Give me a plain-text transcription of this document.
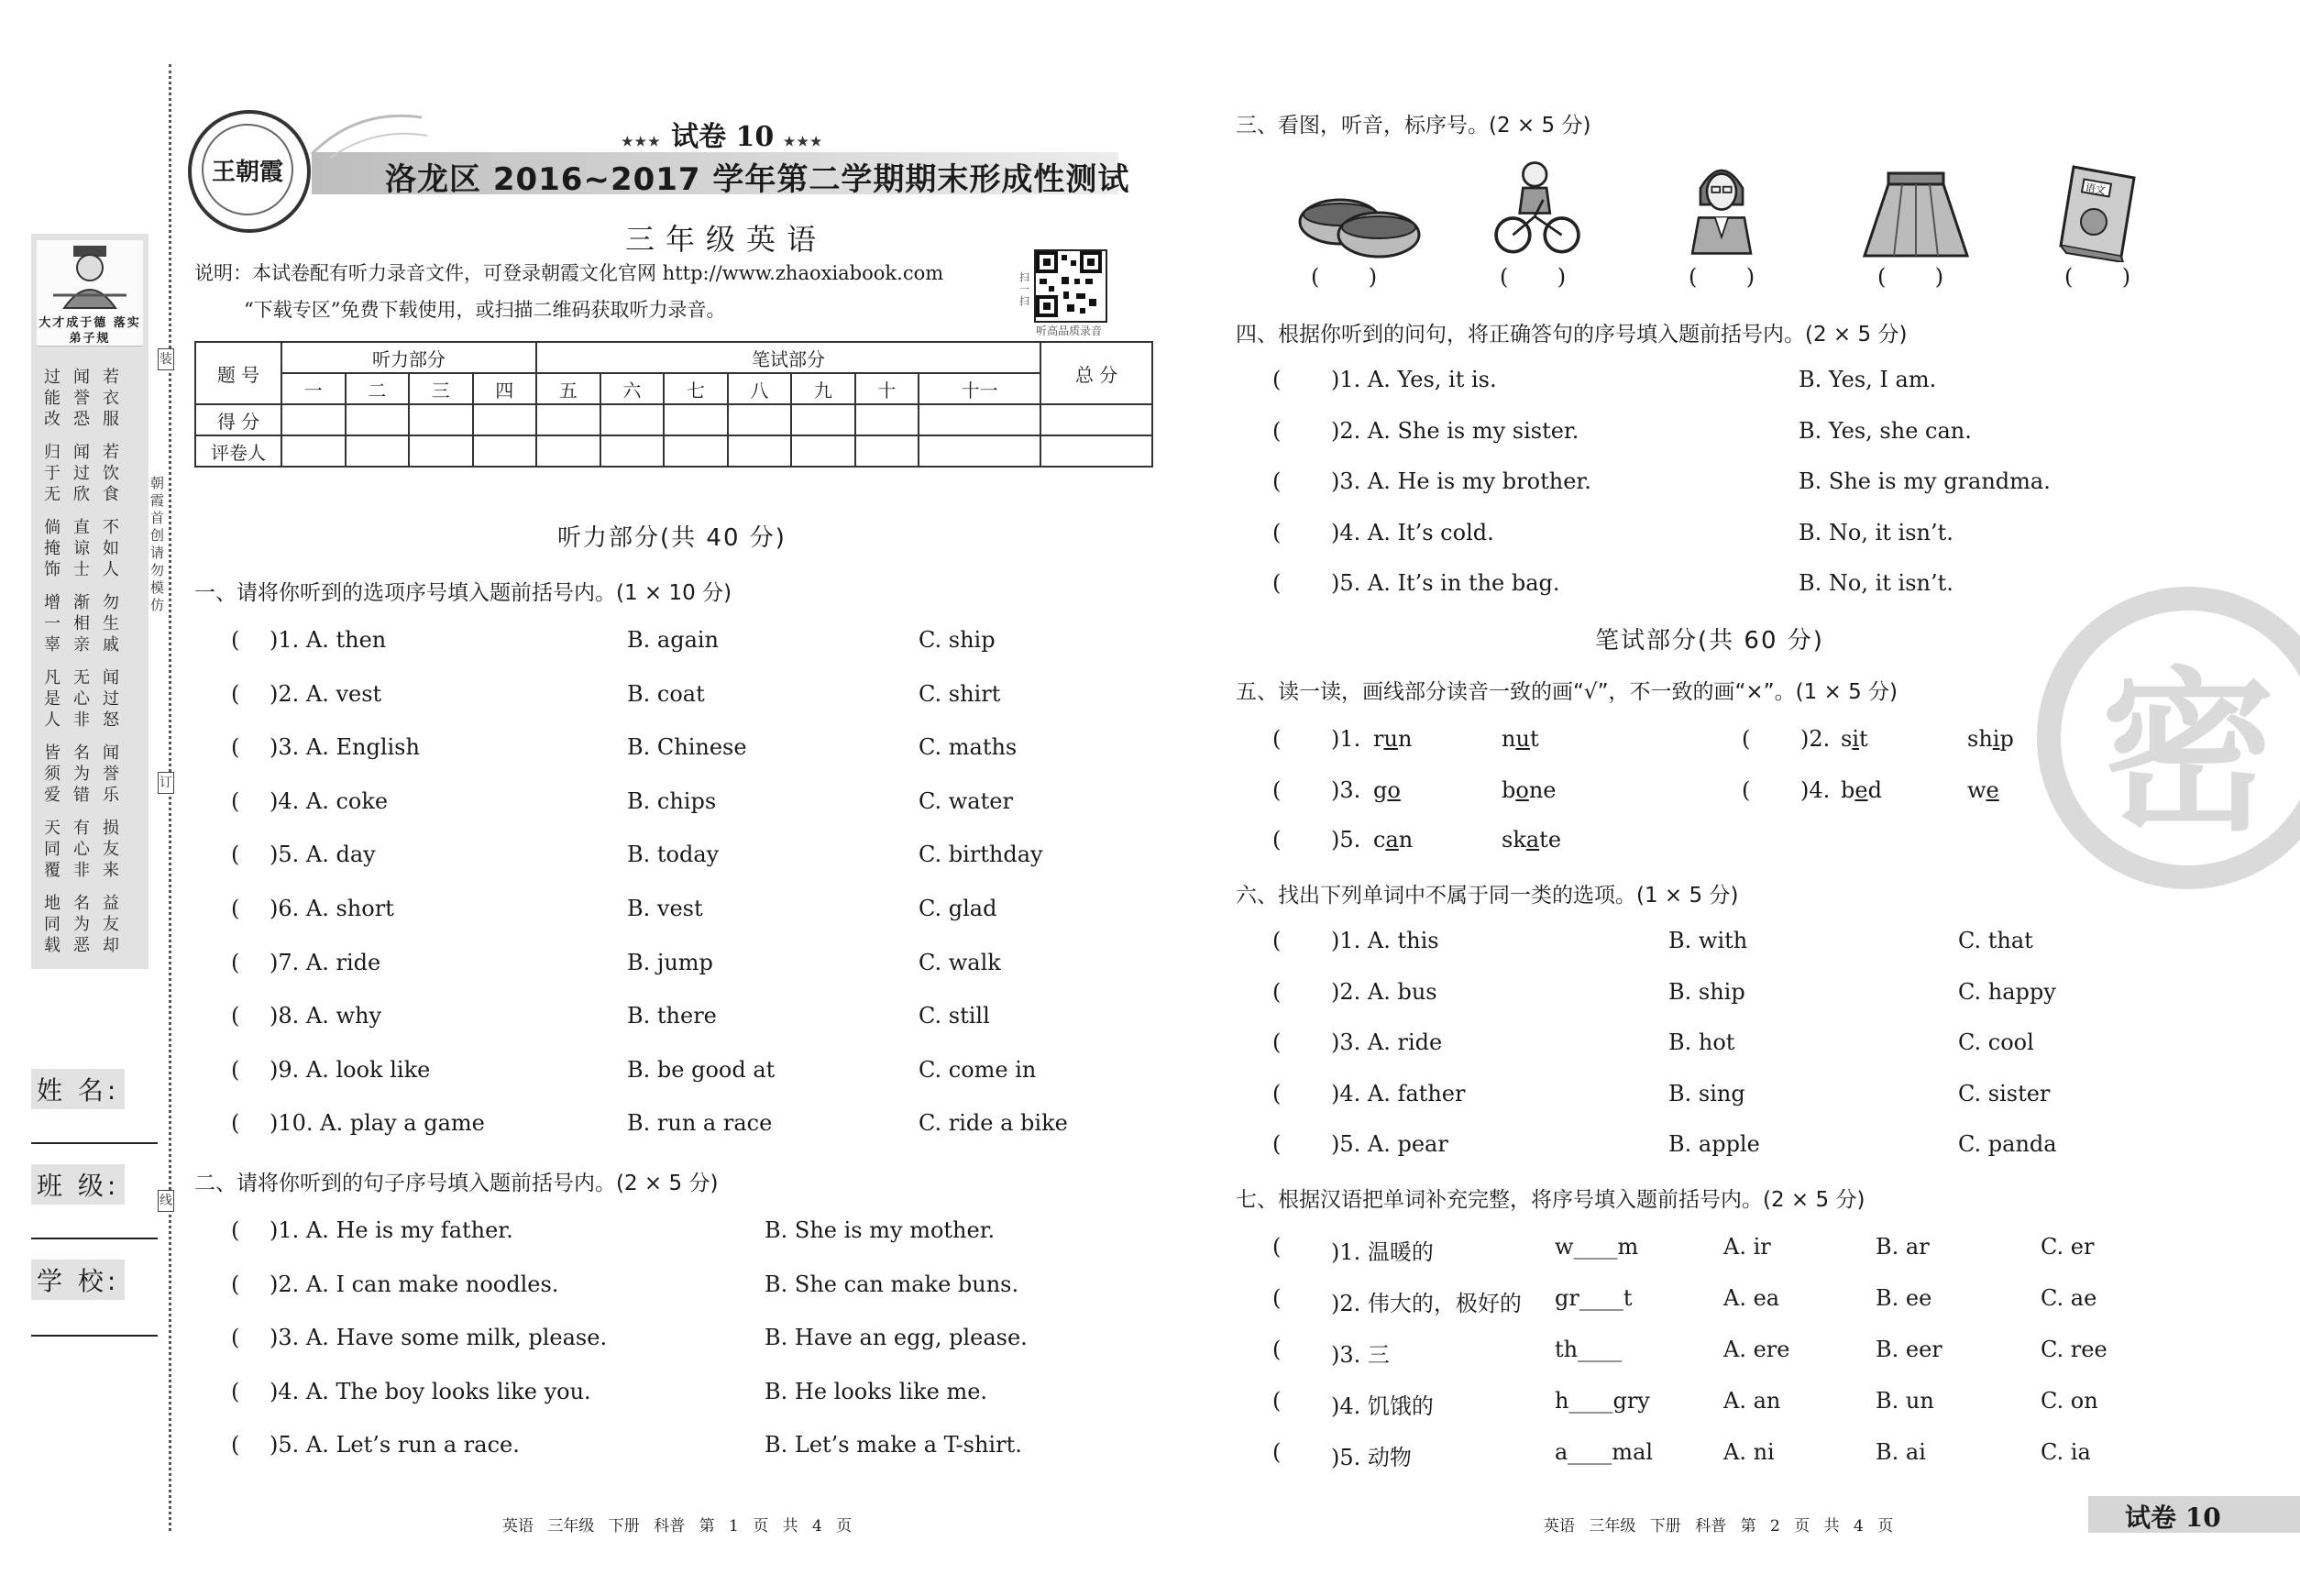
大才成于德 落实弟子规
过能改
闻誉恐
若衣服
归于无
闻过欣
若饮食
倘掩饰
直谅士
不如人
增一辜
渐相亲
勿生戚
凡是人
无心非
闻过怒
皆须爱
名为错
闻誉乐
天同覆
有心非
损友来
地同载
名为恶
益友却
朝霞首创 请勿模仿
装
订
线
姓 名:
班 级:
学 校:
王朝霞
★★★ 试卷 10 ★★★
洛龙区 2016~2017 学年第二学期期末形成性测试
三年级英语
说明：本试卷配有听力录音文件，可登录朝霞文化官网 http://www.zhaoxiabook.com
“下载专区”免费下载使用，或扫描二维码获取听力录音。
扫一扫
听高品质录音
题 号	听力部分				笔试部分							总 分
	一	二	三	四	五	六	七	八	九	十	十一	
得 分												
评卷人												
听力部分(共 40 分)
一、请将你听到的选项序号填入题前括号内。(1 × 10 分)
( )1. A. then	B. again	C. ship
( )2. A. vest	B. coat	C. shirt
( )3. A. English	B. Chinese	C. maths
( )4. A. coke	B. chips	C. water
( )5. A. day	B. today	C. birthday
( )6. A. short	B. vest	C. glad
( )7. A. ride	B. jump	C. walk
( )8. A. why	B. there	C. still
( )9. A. look like	B. be good at	C. come in
( )10. A. play a game	B. run a race	C. ride a bike
二、请将你听到的句子序号填入题前括号内。(2 × 5 分)
( )1. A. He is my father.	B. She is my mother.
( )2. A. I can make noodles.	B. She can make buns.
( )3. A. Have some milk, please.	B. Have an egg, please.
( )4. A. The boy looks like you.	B. He looks like me.
( )5. A. Let’s run a race.	B. Let’s make a T-shirt.
英语 三年级 下册 科普 第 1 页 共 4 页
密
三、看图，听音，标序号。(2 × 5 分)
语文
(       )	(       )	(       )	(       )	(       )
四、根据你听到的问句，将正确答句的序号填入题前括号内。(2 × 5 分)
( )1. A. Yes, it is.	B. Yes, I am.
( )2. A. She is my sister.	B. Yes, she can.
( )3. A. He is my brother.	B. She is my grandma.
( )4. A. It’s cold.	B. No, it isn’t.
( )5. A. It’s in the bag.	B. No, it isn’t.
笔试部分(共 60 分)
五、读一读，画线部分读音一致的画“√”，不一致的画“×”。(1 × 5 分)
( )1. run	nut	( )2. sit	ship
( )3. go	bone	( )4. bed	we
( )5. can	skate
六、找出下列单词中不属于同一类的选项。(1 × 5 分)
( )1. A. this	B. with	C. that
( )2. A. bus	B. ship	C. happy
( )3. A. ride	B. hot	C. cool
( )4. A. father	B. sing	C. sister
( )5. A. pear	B. apple	C. panda
七、根据汉语把单词补充完整，将序号填入题前括号内。(2 × 5 分)
( )1. 温暖的	w____m	A. ir	B. ar	C. er
( )2. 伟大的，极好的 gr____t	A. ea	B. ee	C. ae
( )3. 三	th____	A. ere	B. eer	C. ree
( )4. 饥饿的	h____gry	A. an	B. un	C. on
( )5. 动物	a____mal	A. ni	B. ai	C. ia
英语 三年级 下册 科普 第 2 页 共 4 页	试卷 10
